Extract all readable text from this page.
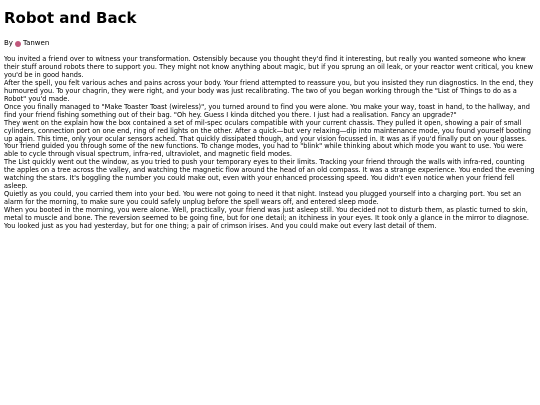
Robot and Back
By Tanwen

You invited a friend over to witness your transformation. Ostensibly because you thought they'd find it interesting, but really you wanted someone who knew their stuff around robots there to support you. They might not know anything about magic, but if you sprung an oil leak, or your reactor went critical, you knew you'd be in good hands.

After the spell, you felt various aches and pains across your body. Your friend attempted to reassure you, but you insisted they run diagnostics. In the end, they humoured you. To your chagrin, they were right, and your body was just recalibrating. The two of you began working through the "List of Things to do as a Robot" you'd made.

Once you finally managed to "Make Toaster Toast (wireless)", you turned around to find you were alone. You make your way, toast in hand, to the hallway, and find your friend fishing something out of their bag. "Oh hey. Guess I kinda ditched you there. I just had a realisation. Fancy an upgrade?"

They went on the explain how the box contained a set of mil-spec oculars compatible with your current chassis. They pulled it open, showing a pair of small cylinders, connection port on one end, ring of red lights on the other. After a quick—but very relaxing—dip into maintenance mode, you found yourself booting up again. This time, only your ocular sensors ached. That quickly dissipated though, and your vision focussed in. It was as if you'd finally put on your glasses. Your friend guided you through some of the new functions. To change modes, you had to "blink" while thinking about which mode you want to use. You were able to cycle through visual spectrum, infra-red, ultraviolet, and magnetic field modes.

The List quickly went out the window, as you tried to push your temporary eyes to their limits. Tracking your friend through the walls with infra-red, counting the apples on a tree across the valley, and watching the magnetic flow around the head of an old compass. It was a strange experience. You ended the evening watching the stars. It's boggling the number you could make out, even with your enhanced processing speed. You didn't even notice when your friend fell asleep.

Quietly as you could, you carried them into your bed. You were not going to need it that night. Instead you plugged yourself into a charging port. You set an alarm for the morning, to make sure you could safely unplug before the spell wears off, and entered sleep mode.

When you booted in the morning, you were alone. Well, practically, your friend was just asleep still. You decided not to disturb them, as plastic turned to skin, metal to muscle and bone. The reversion seemed to be going fine, but for one detail; an itchiness in your eyes. It took only a glance in the mirror to diagnose. You looked just as you had yesterday, but for one thing; a pair of crimson irises. And you could make out every last detail of them.
